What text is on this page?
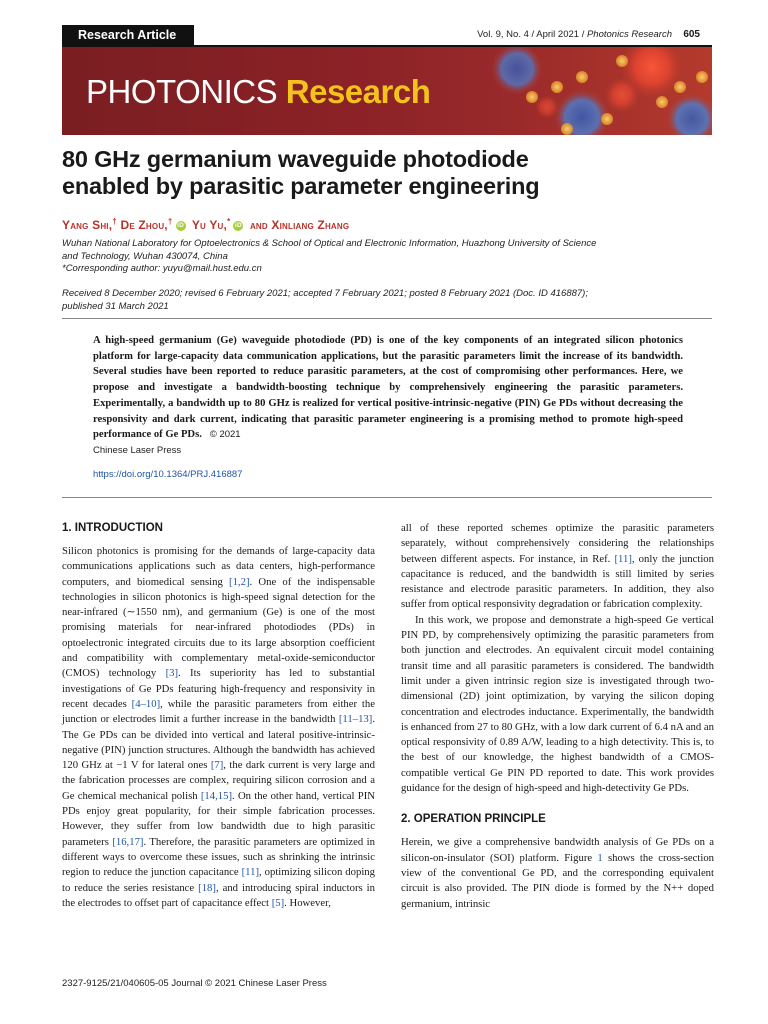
Research Article	Vol. 9, No. 4 / April 2021 / Photonics Research 605
PHOTONICS Research
80 GHz germanium waveguide photodiode
enabled by parasitic parameter engineering
Yang Shi,† De Zhou,† iD Yu Yu,* iD and Xinliang Zhang
Wuhan National Laboratory for Optoelectronics & School of Optical and Electronic Information, Huazhong University of Science
and Technology, Wuhan 430074, China
*Corresponding author: yuyu@mail.hust.edu.cn
Received 8 December 2020; revised 6 February 2021; accepted 7 February 2021; posted 8 February 2021 (Doc. ID 416887);
published 31 March 2021
A high-speed germanium (Ge) waveguide photodiode (PD) is one of the key components of an integrated silicon photonics platform for large-capacity data communication applications, but the parasitic parameters limit the increase of its bandwidth. Several studies have been reported to reduce parasitic parameters, at the cost of compromising other performances. Here, we propose and investigate a bandwidth-boosting technique by comprehensively engineering the parasitic parameters. Experimentally, a bandwidth up to 80 GHz is realized for vertical positive-intrinsic-negative (PIN) Ge PDs without decreasing the responsivity and dark current, indicating that parasitic parameter engineering is a promising method to promote high-speed performance of Ge PDs. © 2021
Chinese Laser Press
https://doi.org/10.1364/PRJ.416887
1. INTRODUCTION

Silicon photonics is promising for the demands of large-capacity data communications applications such as data centers, high-performance computers, and biomedical sensing [1,2]. One of the indispensable technologies in silicon photonics is high-speed signal detection for the near-infrared (∼1550 nm), and germanium (Ge) is one of the most promising materials for near-infrared photodiodes (PDs) in optoelectronic integrated circuits due to its large absorption coefficient and compatibility with complementary metal-oxide-semiconductor (CMOS) technology [3]. Its superiority has led to substantial investigations of Ge PDs featuring high-frequency and responsivity in recent decades [4–10], while the parasitic parameters from either the junction or electrodes limit a further increase in the bandwidth [11–13]. The Ge PDs can be divided into vertical and lateral positive-intrinsic-negative (PIN) junction structures. Although the bandwidth has achieved 120 GHz at −1 V for lateral ones [7], the dark current is very large and the fabrication processes are complex, requiring silicon corrosion and a Ge chemical mechanical polish [14,15]. On the other hand, vertical PIN PDs enjoy great popularity, for their simple fabrication processes. However, they suffer from low bandwidth due to high parasitic parameters [16,17]. Therefore, the parasitic parameters are optimized in different ways to overcome these issues, such as shrinking the intrinsic region to reduce the junction capacitance [11], optimizing silicon doping to reduce the series resistance [18], and introducing spiral inductors in the electrodes to offset part of capacitance effect [5]. However,

all of these reported schemes optimize the parasitic parameters separately, without comprehensively considering the relationships between different aspects. For instance, in Ref. [11], only the junction capacitance is reduced, and the bandwidth is still limited by series resistance and electrode parasitic parameters. In addition, they also suffer from optical responsivity degradation or fabrication complexity.

In this work, we propose and demonstrate a high-speed Ge vertical PIN PD, by comprehensively optimizing the parasitic parameters from both junction and electrodes. An equivalent circuit model containing transit time and all parasitic parameters is considered. The bandwidth limit under a given intrinsic region size is investigated through two-dimensional (2D) joint optimization, by varying the silicon doping concentration and electrodes inductance. Experimentally, the bandwidth is enhanced from 27 to 80 GHz, with a low dark current of 6.4 nA and an optical responsivity of 0.89 A/W, leading to a high detectivity. This is, to the best of our knowledge, the highest bandwidth of a CMOS-compatible vertical Ge PIN PD reported to date. This work provides guidance for the design of high-speed and high-detectivity Ge PDs.

2. OPERATION PRINCIPLE

Herein, we give a comprehensive bandwidth analysis of Ge PDs on a silicon-on-insulator (SOI) platform. Figure 1 shows the cross-section view of the conventional Ge PD, and the corresponding equivalent circuit is also provided. The PIN diode is formed by the N++ doped germanium, intrinsic

2327-9125/21/040605-05 Journal © 2021 Chinese Laser Press
